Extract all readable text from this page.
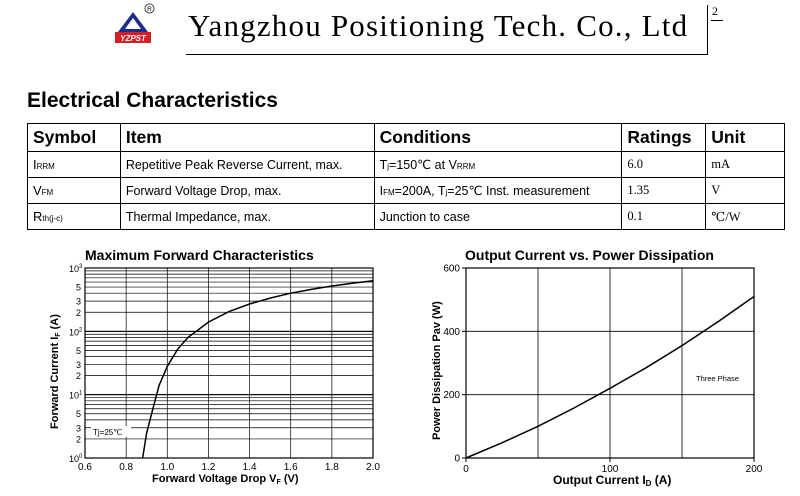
YZPST
R Yangzhou Positioning Tech. Co., Ltd 2
Electrical Characteristics
Symbol	Item	Conditions	Ratings	Unit
IRRM	Repetitive Peak Reverse Current, max.	Tj=150℃ at VRRM	6.0	mA
VFM	Forward Voltage Drop, max.	IFM=200A, Tj=25℃ Inst. measurement	1.35	V
Rth(j-c)	Thermal Impedance, max.	Junction to case	0.1	℃/W
Maximum Forward Characteristics
$10^0$
$10^1$
$10^2$
$10^3$
2
3
5
2
3
5
2
3
5
0.6	0.8	1.0	1.2	1.4	1.6	1.8	2.0
Tj=25℃
Forward Voltage Drop VF (V)
Forward Current IF (A)
Output Current vs. Power Dissipation
0
200
400
600
0	100	200
Three Phase
Output Current ID (A)
Power Dissipation Pav (W)
